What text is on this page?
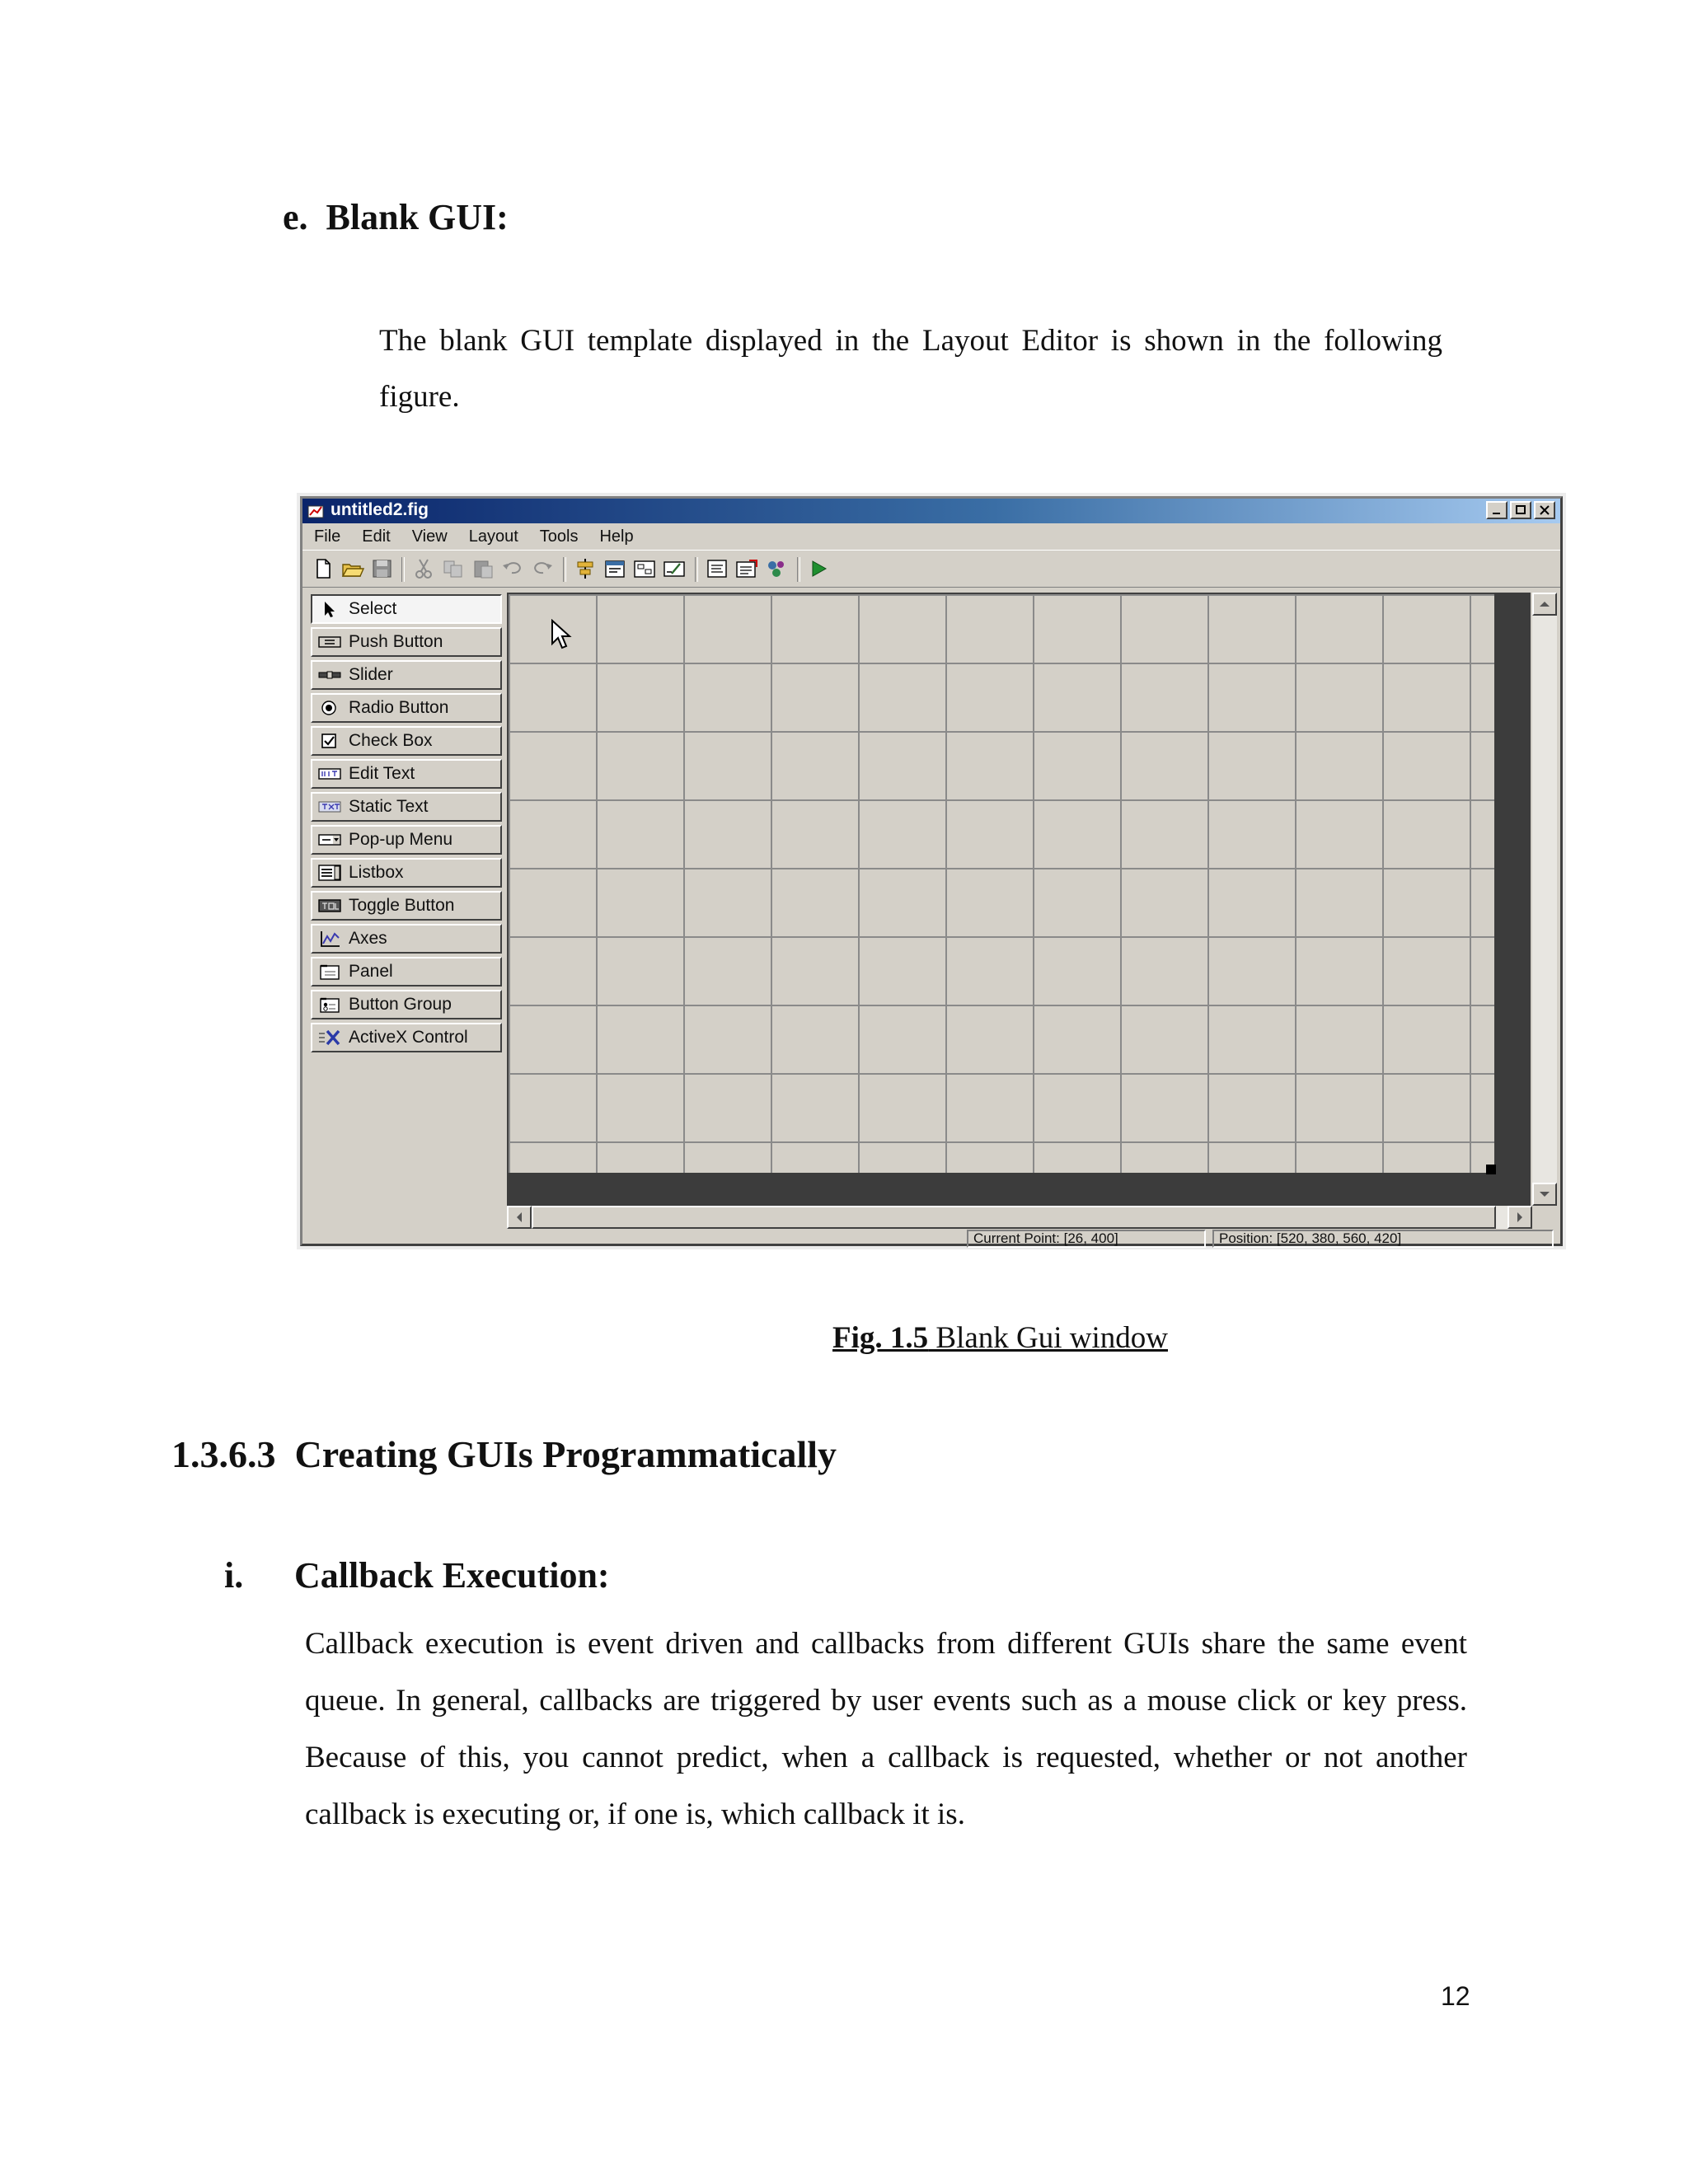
e. Blank GUI:

The blank GUI template displayed in the Layout Editor is shown in the following figure.

untitled2.fig
File	Edit	View	Layout	Tools	Help
Select
Push Button
Slider
Radio Button
Check Box
Edit Text
Static Text
Pop-up Menu
Listbox
Toggle Button
Axes
Panel
Button Group
ActiveX Control
Current Point: [26, 400]	Position: [520, 380, 560, 420]

Fig. 1.5 Blank Gui window

1.3.6.3 Creating GUIs Programmatically
i. Callback Execution:

Callback execution is event driven and callbacks from different GUIs share the same event queue. In general, callbacks are triggered by user events such as a mouse click or key press. Because of this, you cannot predict, when a callback is requested, whether or not another callback is executing or, if one is, which callback it is.

12
